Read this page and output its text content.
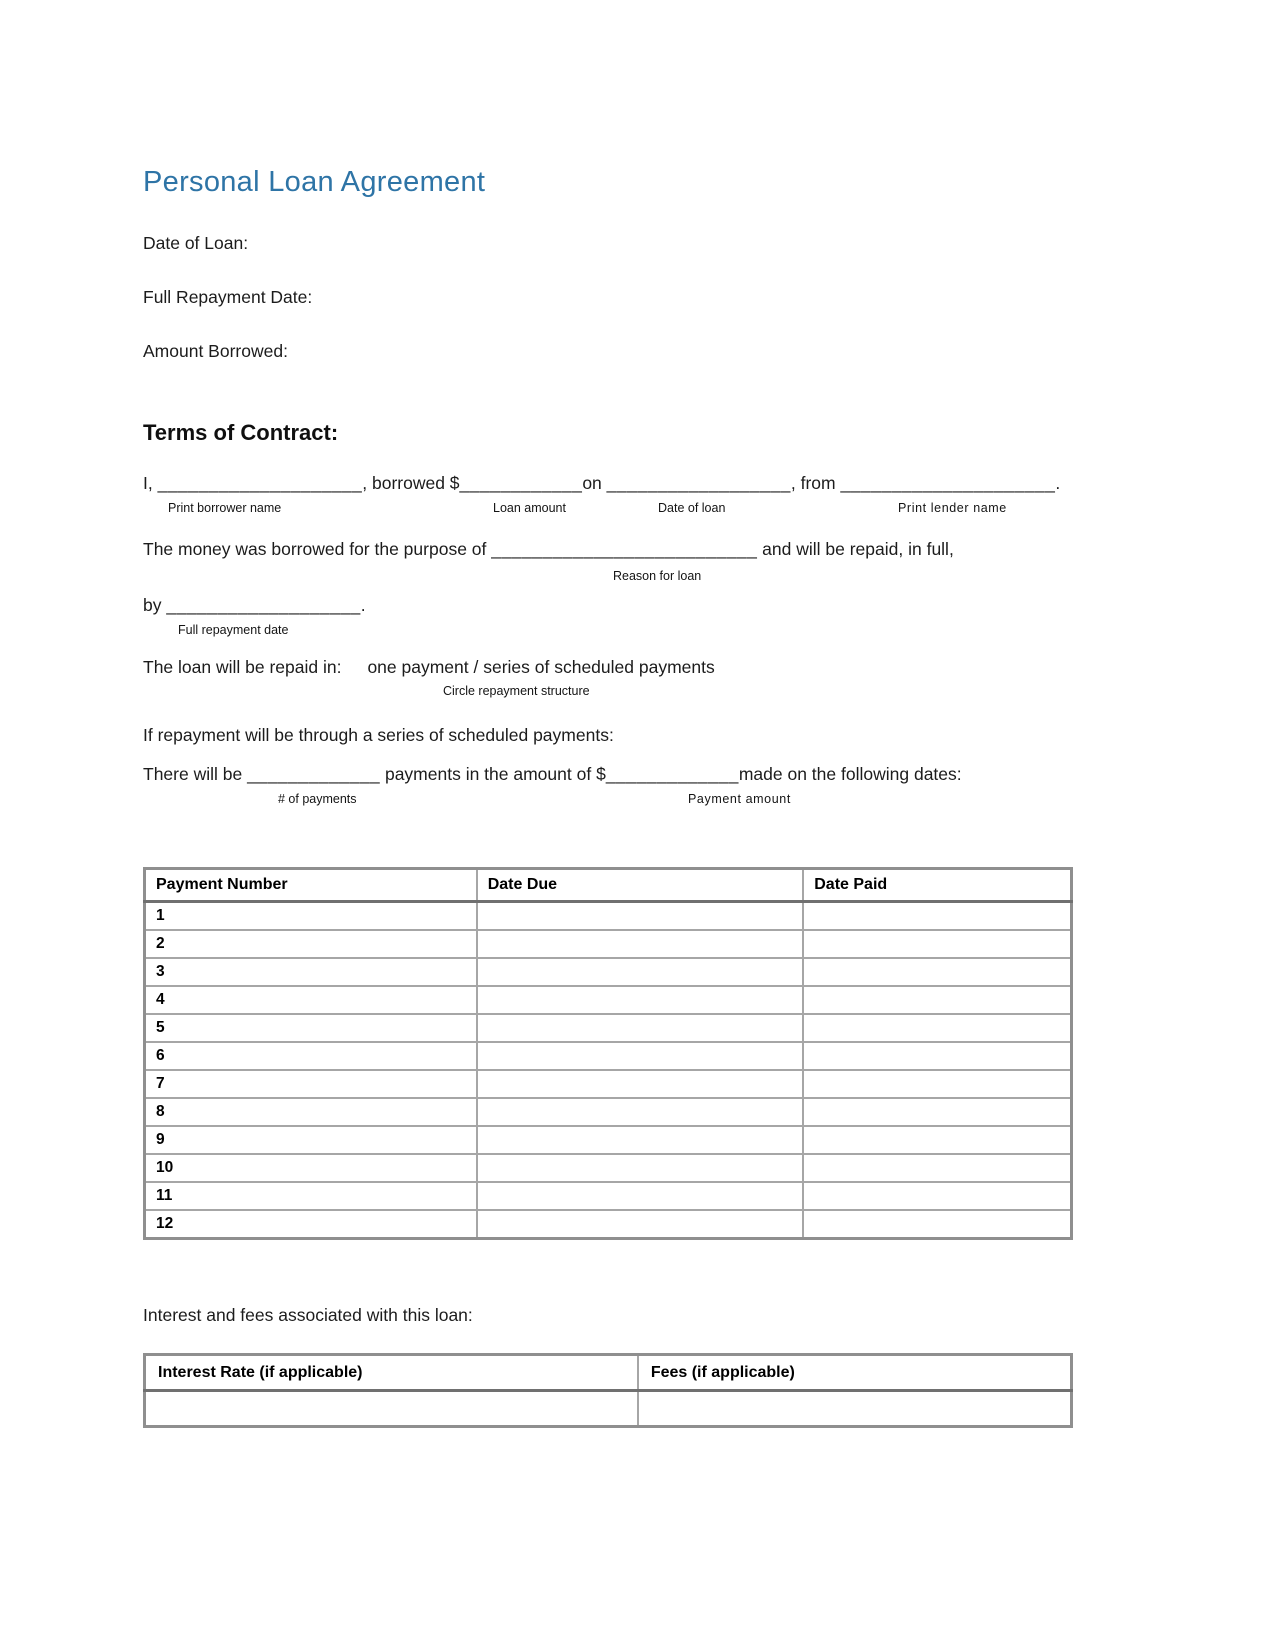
Personal Loan Agreement
Date of Loan:
Full Repayment Date:
Amount Borrowed:
Terms of Contract:
I, ____________________, borrowed $____________on __________________, from _____________________.
Print borrower name	Loan amount	Date of loan	Print lender name
The money was borrowed for the purpose of __________________________ and will be repaid, in full,
Reason for loan
by ___________________.
Full repayment date
The loan will be repaid in: one payment / series of scheduled payments
Circle repayment structure
If repayment will be through a series of scheduled payments:
There will be _____________ payments in the amount of $_____________made on the following dates:
# of payments	Payment amount
Payment Number	Date Due	Date Paid
1		
2		
3		
4		
5		
6		
7		
8		
9		
10		
11		
12		
Interest and fees associated with this loan:
Interest Rate (if applicable)	Fees (if applicable)
